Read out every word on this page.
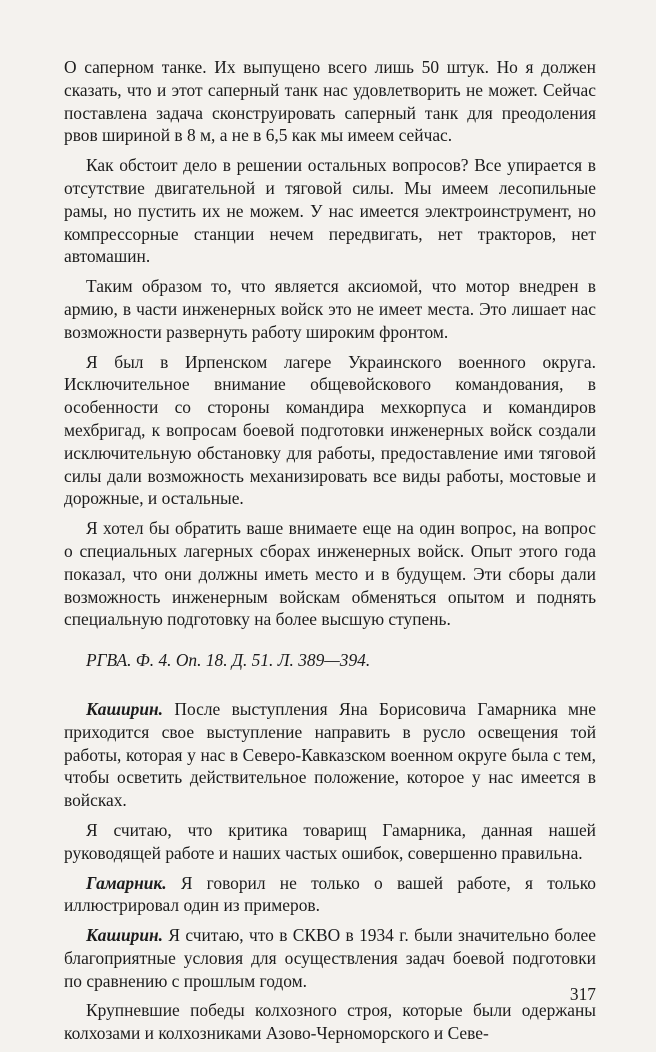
О саперном танке. Их выпущено всего лишь 50 штук. Но я должен сказать, что и этот саперный танк нас удовлетворить не может. Сейчас поставлена задача сконструировать саперный танк для преодоления рвов шириной в 8 м, а не в 6,5 как мы имеем сейчас.

Как обстоит дело в решении остальных вопросов? Все упирается в отсутствие двигательной и тяговой силы. Мы имеем лесопильные рамы, но пустить их не можем. У нас имеется электроинструмент, но компрессорные станции нечем передвигать, нет тракторов, нет автомашин.

Таким образом то, что является аксиомой, что мотор внедрен в армию, в части инженерных войск это не имеет места. Это лишает нас возможности развернуть работу широким фронтом.

Я был в Ирпенском лагере Украинского военного округа. Исключительное внимание общевойскового командования, в особенности со стороны командира мехкорпуса и командиров мехбригад, к вопросам боевой подготовки инженерных войск создали исключительную обстановку для работы, предоставление ими тяговой силы дали возможность механизировать все виды работы, мостовые и дорожные, и остальные.

Я хотел бы обратить ваше внимаете еще на один вопрос, на вопрос о специальных лагерных сборах инженерных войск. Опыт этого года показал, что они должны иметь место и в будущем. Эти сборы дали возможность инженерным войскам обменяться опытом и поднять специальную подготовку на более высшую ступень.

РГВА. Ф. 4. Оп. 18. Д. 51. Л. 389—394.

Каширин. После выступления Яна Борисовича Гамарника мне приходится свое выступление направить в русло освещения той работы, которая у нас в Северо-Кавказском военном округе была с тем, чтобы осветить действительное положение, которое у нас имеется в войсках.

Я считаю, что критика товарищ Гамарника, данная нашей руководящей работе и наших частых ошибок, совершенно правильна.

Гамарник. Я говорил не только о вашей работе, я только иллюстрировал один из примеров.

Каширин. Я считаю, что в СКВО в 1934 г. были значительно более благоприятные условия для осуществления задач боевой подготовки по сравнению с прошлым годом.

Крупневшие победы колхозного строя, которые были одержаны колхозами и колхозниками Азово-Черноморского и Севе-

317
